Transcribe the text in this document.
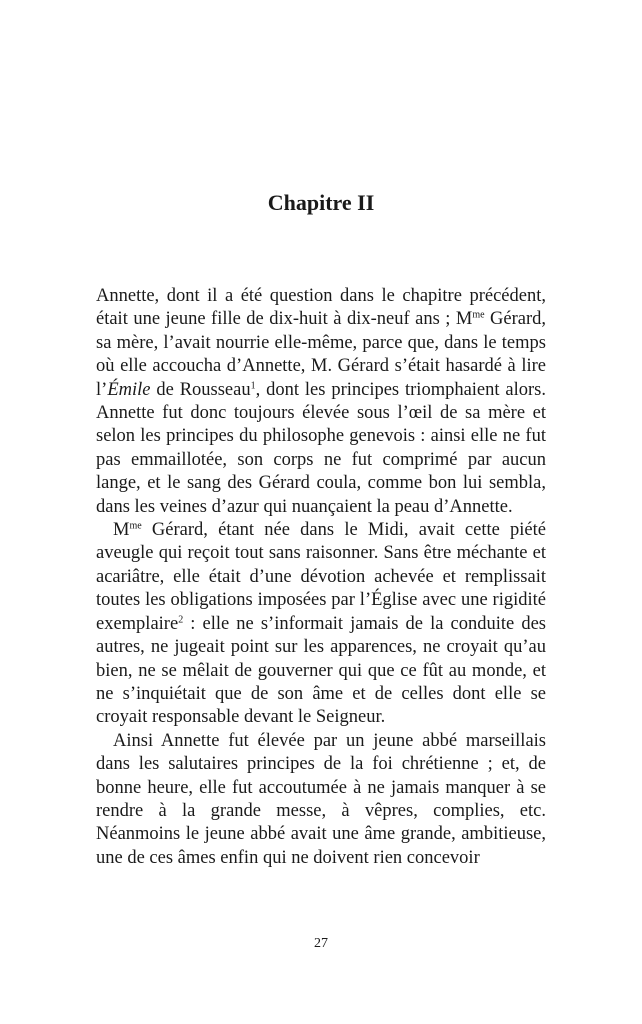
Chapitre II

Annette, dont il a été question dans le chapitre précédent, était une jeune fille de dix-huit à dix-neuf ans ; $M^{me}$ Gérard, sa mère, l’avait nourrie elle-même, parce que, dans le temps où elle accoucha d’Annette, M. Gérard s’était hasardé à lire l’Émile de Rousseau$^1$, dont les principes triomphaient alors. Annette fut donc toujours élevée sous l’œil de sa mère et selon les principes du philosophe genevois : ainsi elle ne fut pas emmaillotée, son corps ne fut comprimé par aucun lange, et le sang des Gérard coula, comme bon lui sembla, dans les veines d’azur qui nuançaient la peau d’Annette.

$M^{me}$ Gérard, étant née dans le Midi, avait cette piété aveugle qui reçoit tout sans raisonner. Sans être méchante et acariâtre, elle était d’une dévotion achevée et remplissait toutes les obligations imposées par l’Église avec une rigidité exemplaire$^2$ : elle ne s’informait jamais de la conduite des autres, ne jugeait point sur les apparences, ne croyait qu’au bien, ne se mêlait de gouverner qui que ce fût au monde, et ne s’inquiétait que de son âme et de celles dont elle se croyait responsable devant le Seigneur.

Ainsi Annette fut élevée par un jeune abbé marseillais dans les salutaires principes de la foi chrétienne ; et, de bonne heure, elle fut accoutumée à ne jamais manquer à se rendre à la grande messe, à vêpres, complies, etc. Néanmoins le jeune abbé avait une âme grande, ambitieuse, une de ces âmes enfin qui ne doivent rien concevoir

27
